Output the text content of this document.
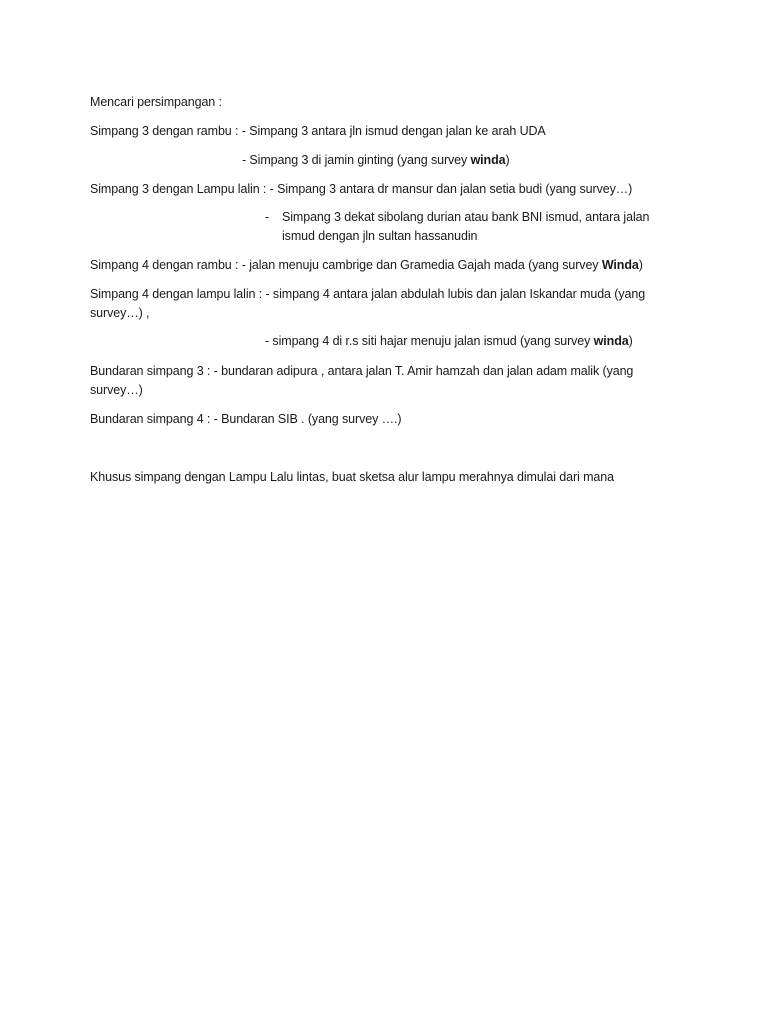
Mencari persimpangan :
Simpang 3 dengan rambu : - Simpang 3 antara jln ismud dengan jalan ke arah UDA
- Simpang 3 di jamin ginting (yang survey winda)
Simpang 3 dengan Lampu lalin : - Simpang 3 antara dr mansur dan jalan setia budi (yang survey…)
- Simpang 3 dekat sibolang durian atau bank BNI ismud, antara jalan
ismud dengan jln sultan hassanudin
Simpang 4 dengan rambu : - jalan menuju cambrige dan Gramedia Gajah mada (yang survey Winda)
Simpang 4 dengan lampu lalin : - simpang 4 antara jalan abdulah lubis dan jalan Iskandar muda (yang
survey…) ,
- simpang 4 di r.s siti hajar menuju jalan ismud (yang survey winda)
Bundaran simpang 3 : - bundaran adipura , antara jalan T. Amir hamzah dan jalan adam malik (yang
survey…)
Bundaran simpang 4 : - Bundaran SIB . (yang survey ….)
Khusus simpang dengan Lampu Lalu lintas, buat sketsa alur lampu merahnya dimulai dari mana
